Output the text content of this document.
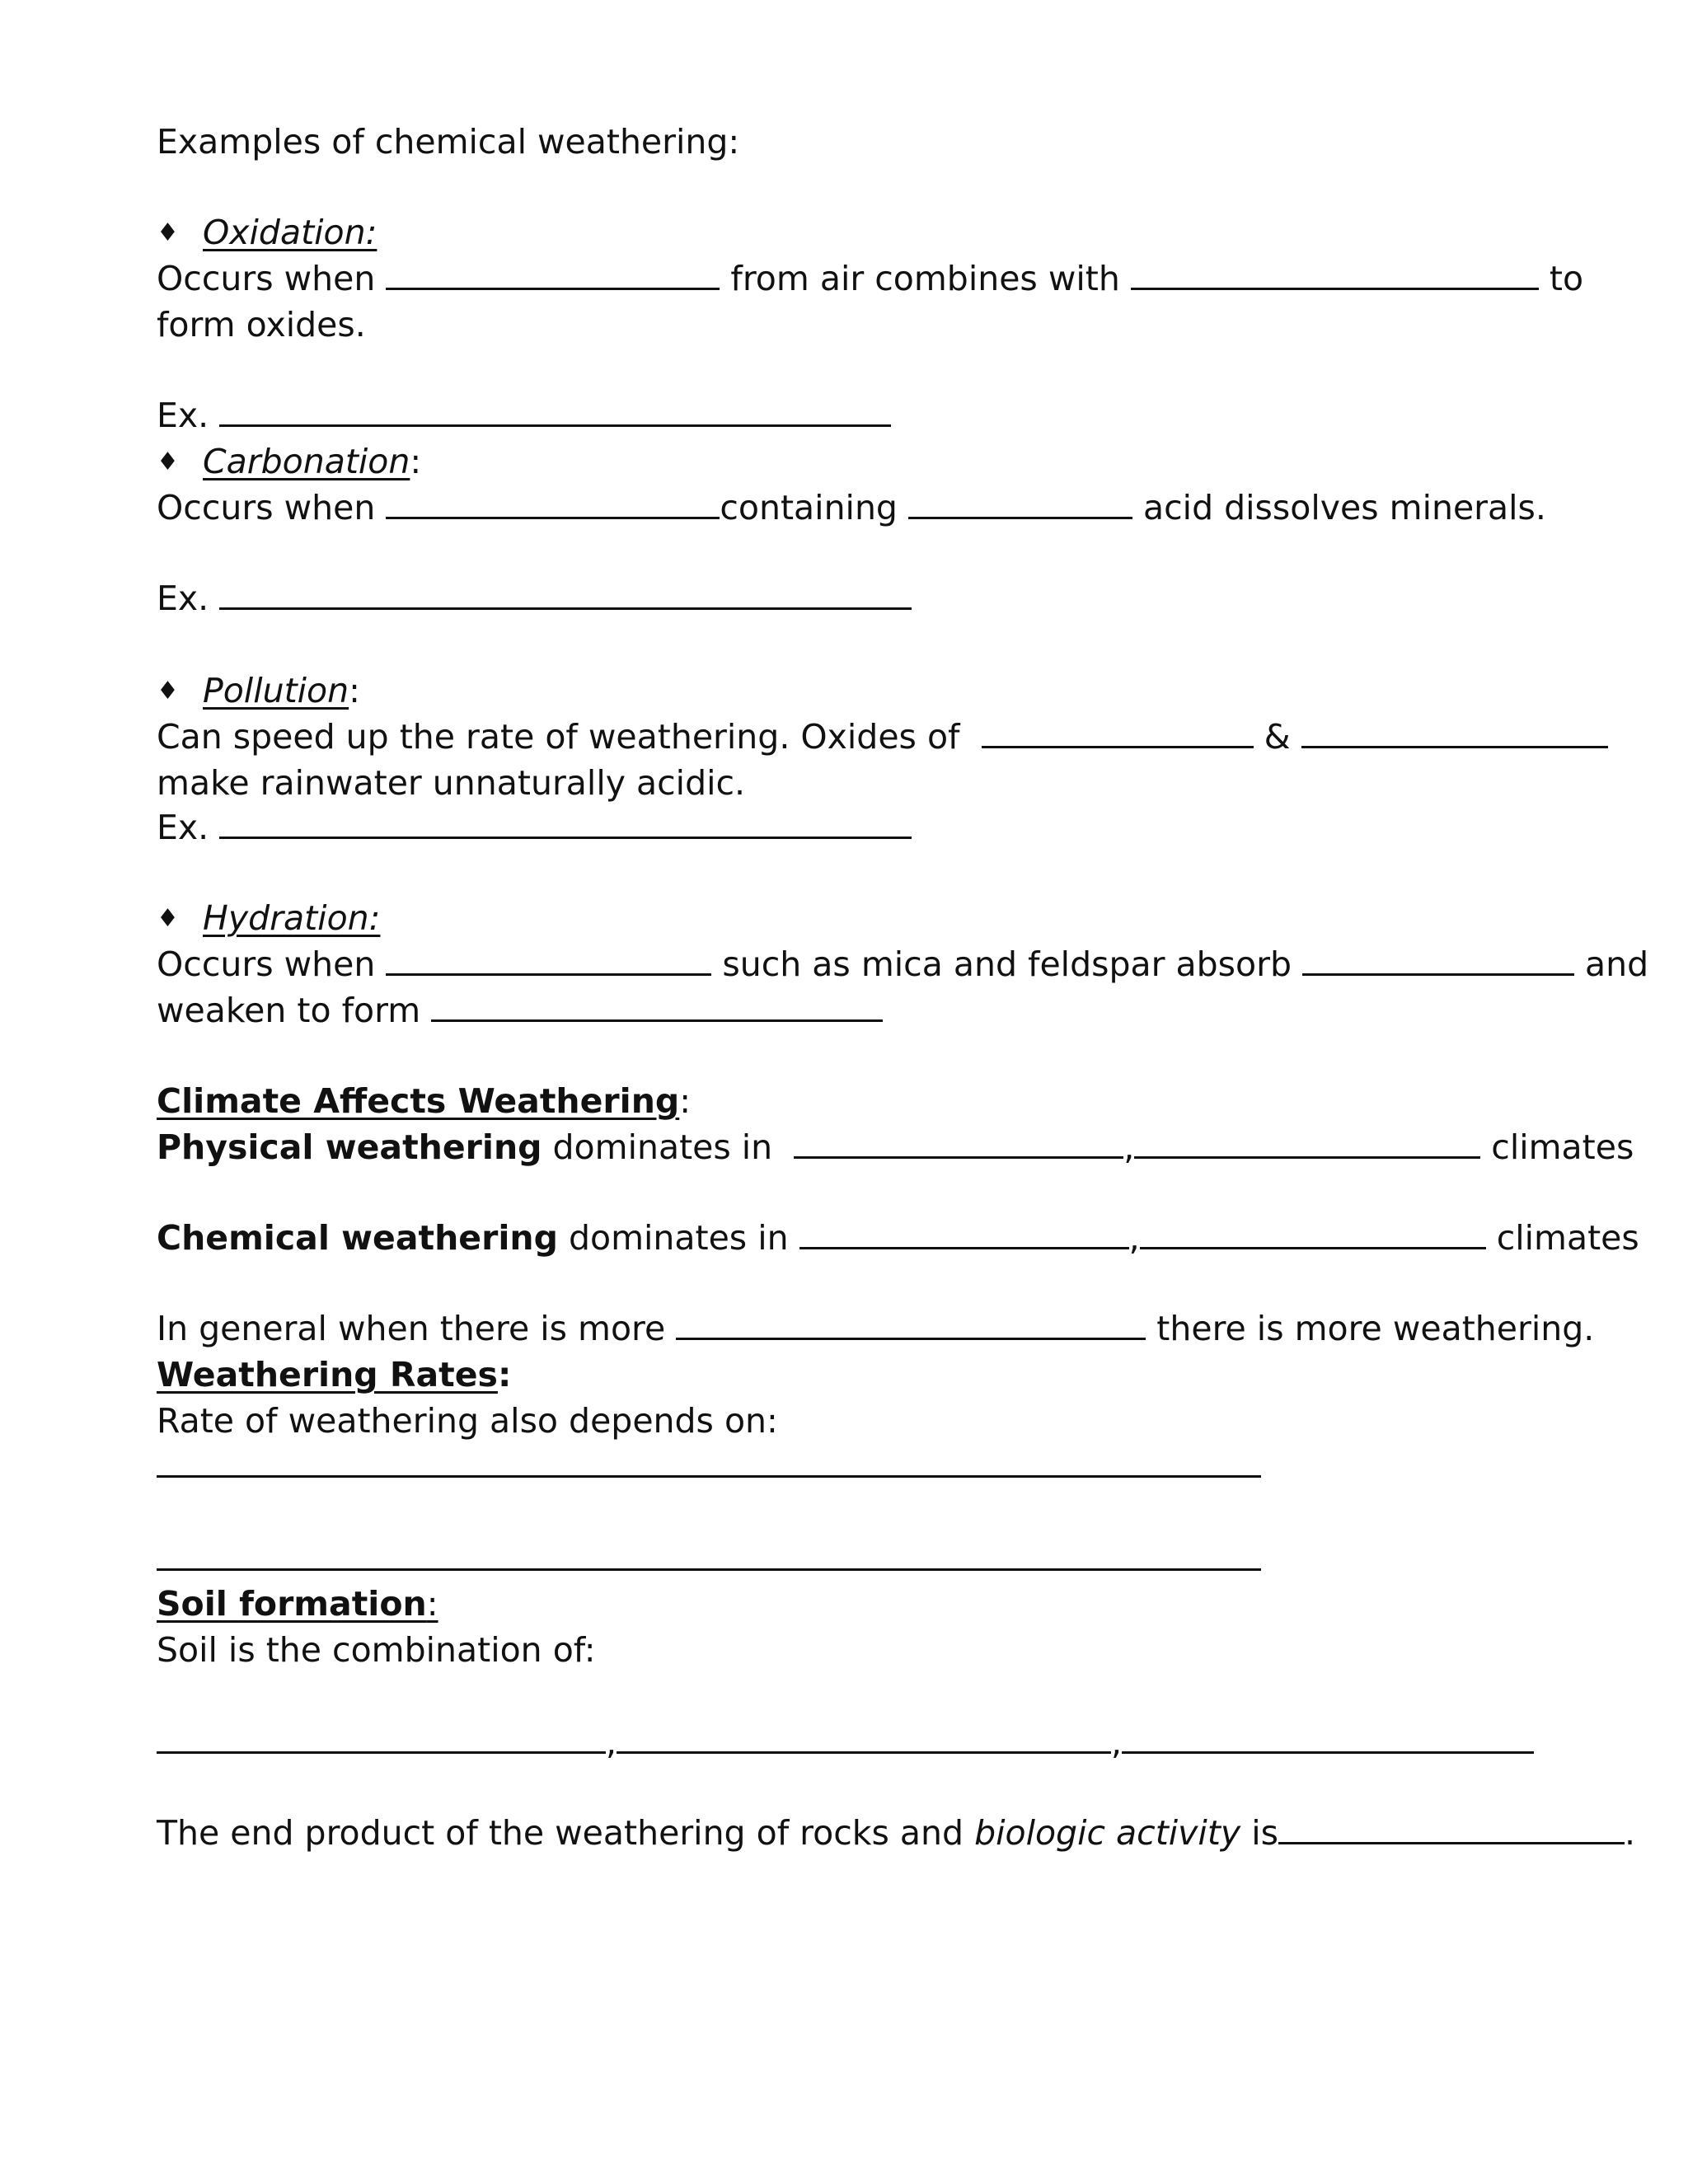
Examples of chemical weathering:
♦ Oxidation:
Occurs when	from air combines with	to
form oxides.
Ex.
♦ Carbonation:
Occurs when	containing	acid dissolves minerals.
Ex.
♦ Pollution:
Can speed up the rate of weathering. Oxides of	&
make rainwater unnaturally acidic.
Ex.
♦ Hydration:
Occurs when	such as mica and feldspar absorb	and
weaken to form
Climate Affects Weathering:
Physical weathering dominates in	,	climates
Chemical weathering dominates in	,	climates
In general when there is more	there is more weathering.
Weathering Rates:
Rate of weathering also depends on:
Soil formation:
Soil is the combination of:
,	,
The end product of the weathering of rocks and biologic activity is	.
